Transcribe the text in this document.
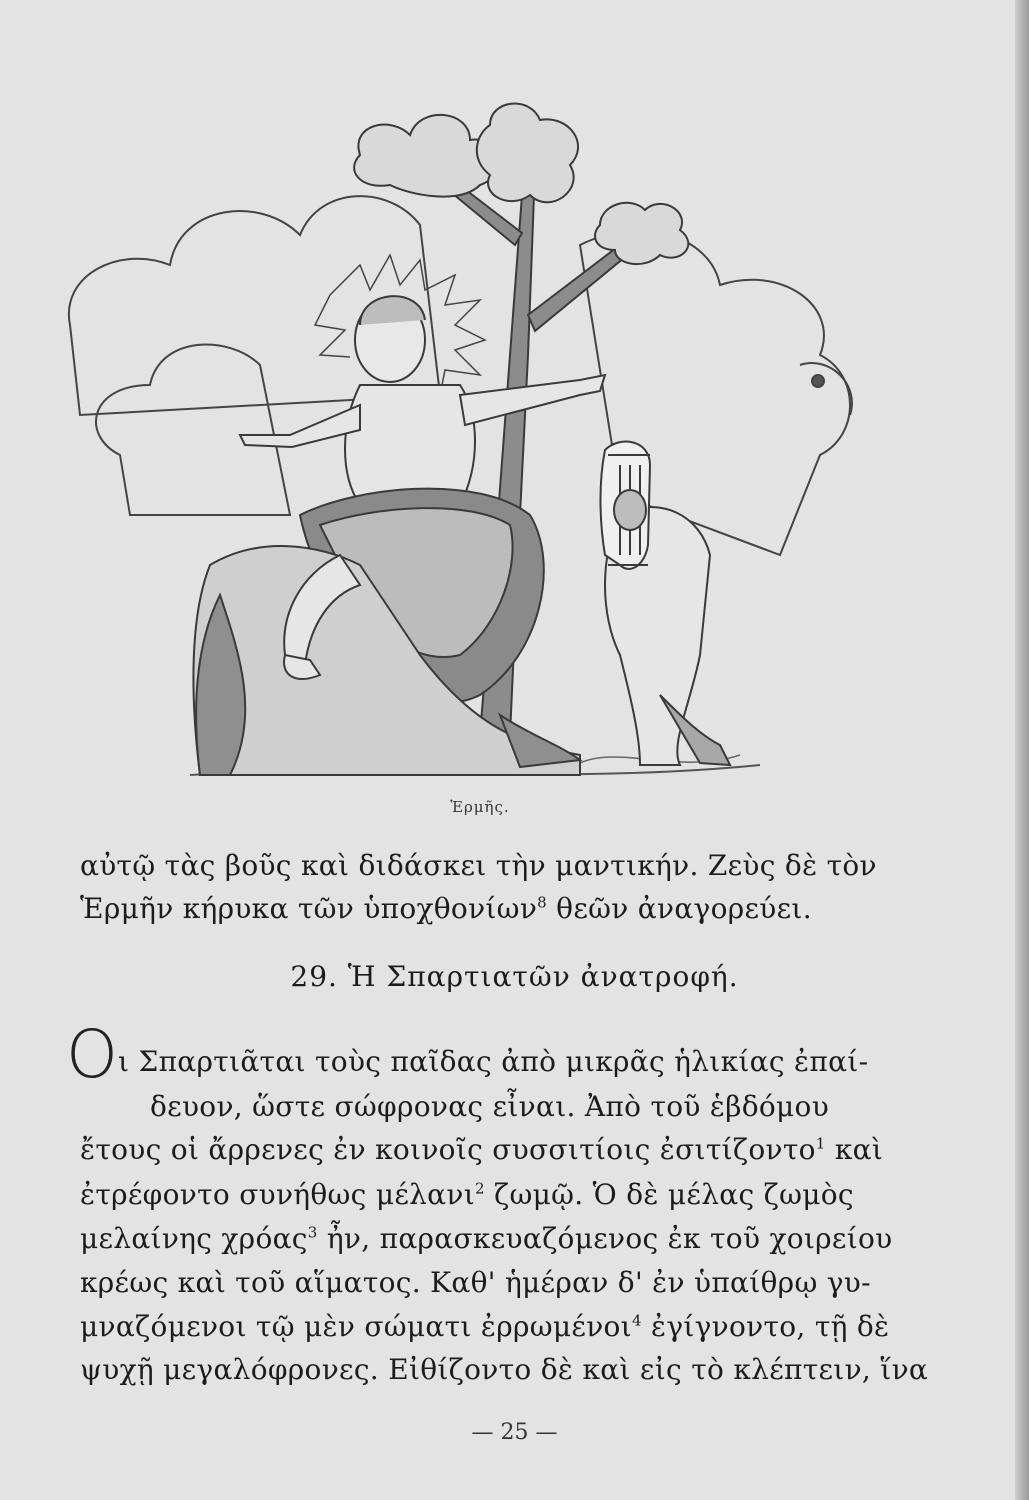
Ἑρμῆς.
αὐτῷ τὰς βοῦς καὶ διδάσκει τὴν μαντικήν. Ζεὺς δὲ τὸν
Ἑρμῆν κήρυκα τῶν ὑποχθονίων$^8$ θεῶν ἀναγορεύει.
29. Ἡ Σπαρτιατῶν ἀνατροφή.
Ο ι Σπαρτιᾶται τοὺς παῖδας ἀπὸ μικρᾶς ἡλικίας ἐπαί-
δευον, ὥστε σώφρονας εἶναι. Ἀπὸ τοῦ ἑβδόμου
ἔτους οἱ ἄρρενες ἐν κοινοῖς συσσιτίοις ἐσιτίζοντο$^1$ καὶ
ἐτρέφοντο συνήθως μέλανι$^2$ ζωμῷ. Ὁ δὲ μέλας ζωμὸς
μελαίνης χρόας$^3$ ἦν, παρασκευαζόμενος ἐκ τοῦ χοιρείου
κρέως καὶ τοῦ αἵματος. Καθ' ἡμέραν δ' ἐν ὑπαίθρῳ γυ-
μναζόμενοι τῷ μὲν σώματι ἐρρωμένοι$^4$ ἐγίγνοντο, τῇ δὲ
ψυχῇ μεγαλόφρονες. Εἰθίζοντο δὲ καὶ εἰς τὸ κλέπτειν, ἵνα
— 25 —
